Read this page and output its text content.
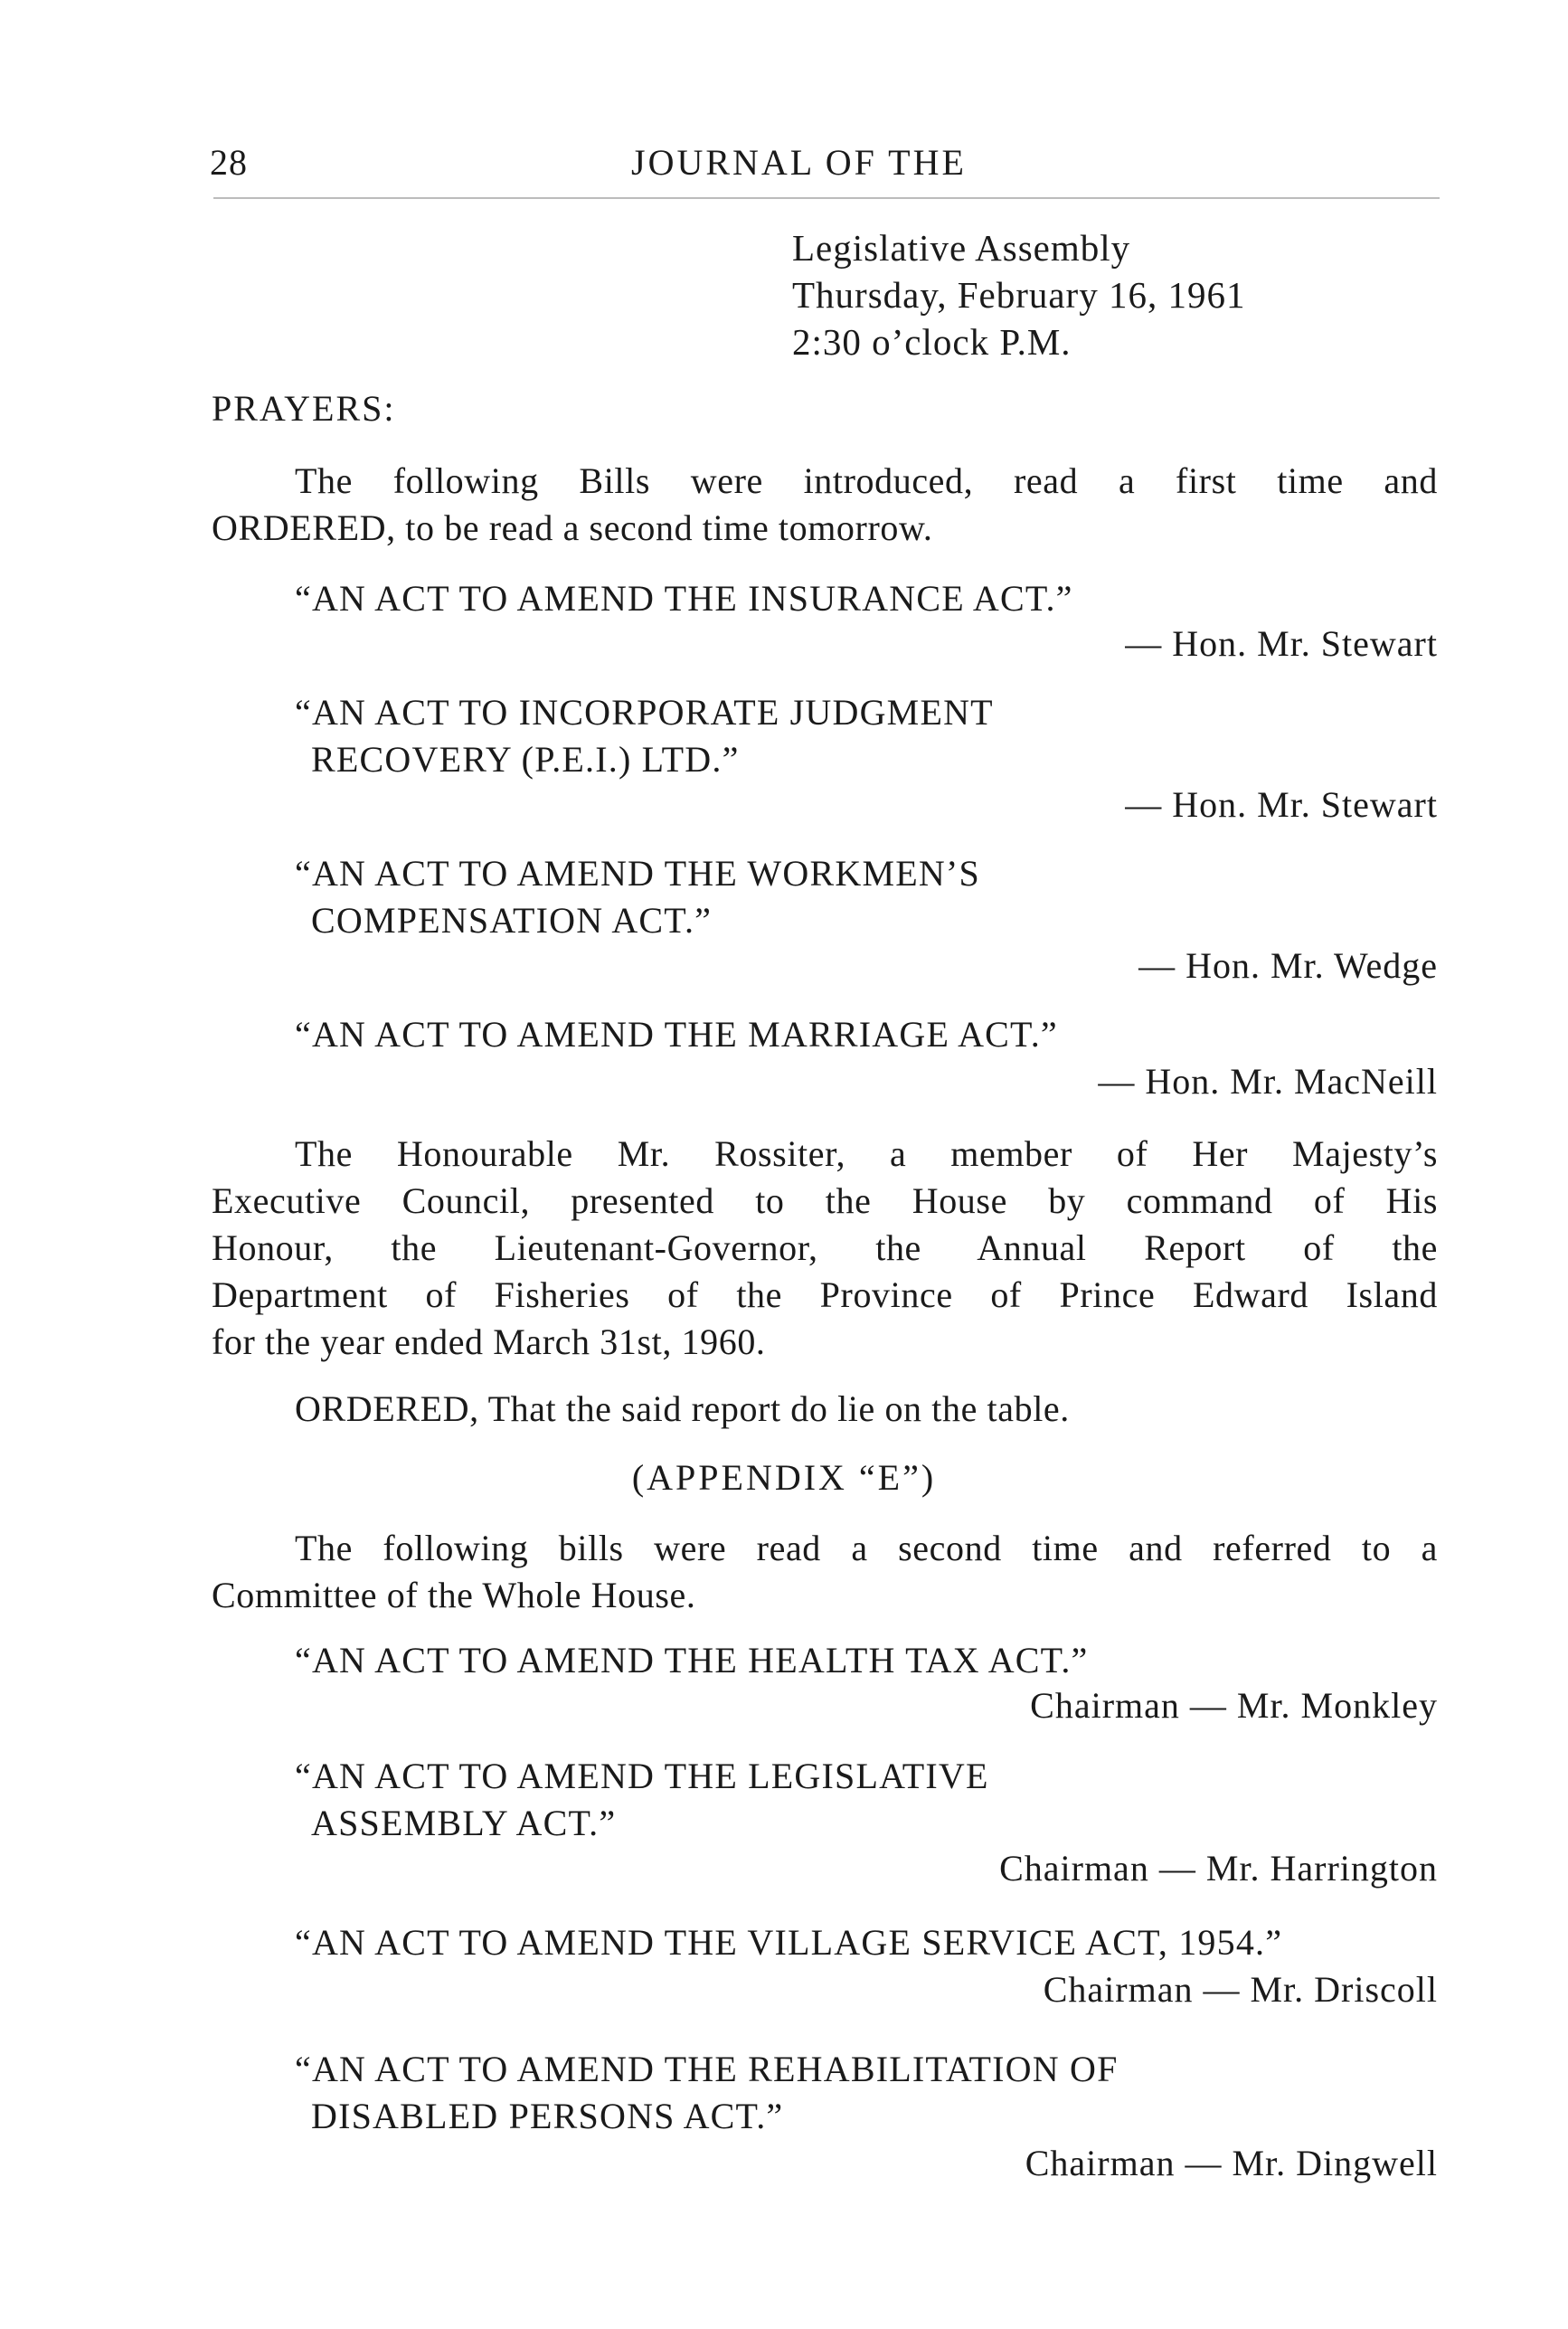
28	JOURNAL OF THE
Legislative Assembly
Thursday, February 16, 1961
2:30 o’clock P.M.
PRAYERS:
The following Bills were introduced, read a first time and
ORDERED, to be read a second time tomorrow.
“AN ACT TO AMEND THE INSURANCE ACT.”
— Hon. Mr. Stewart
“AN ACT TO INCORPORATE JUDGMENT
RECOVERY (P.E.I.) LTD.”
— Hon. Mr. Stewart
“AN ACT TO AMEND THE WORKMEN’S
COMPENSATION ACT.”
— Hon. Mr. Wedge
“AN ACT TO AMEND THE MARRIAGE ACT.”
— Hon. Mr. MacNeill
The Honourable Mr. Rossiter, a member of Her Majesty’s
Executive Council, presented to the House by command of His
Honour, the Lieutenant-Governor, the Annual Report of the
Department of Fisheries of the Province of Prince Edward Island
for the year ended March 31st, 1960.
ORDERED, That the said report do lie on the table.
(APPENDIX “E”)
The following bills were read a second time and referred to a
Committee of the Whole House.
“AN ACT TO AMEND THE HEALTH TAX ACT.”
Chairman — Mr. Monkley
“AN ACT TO AMEND THE LEGISLATIVE
ASSEMBLY ACT.”
Chairman — Mr. Harrington
“AN ACT TO AMEND THE VILLAGE SERVICE ACT, 1954.”
Chairman — Mr. Driscoll
“AN ACT TO AMEND THE REHABILITATION OF
DISABLED PERSONS ACT.”
Chairman — Mr. Dingwell
